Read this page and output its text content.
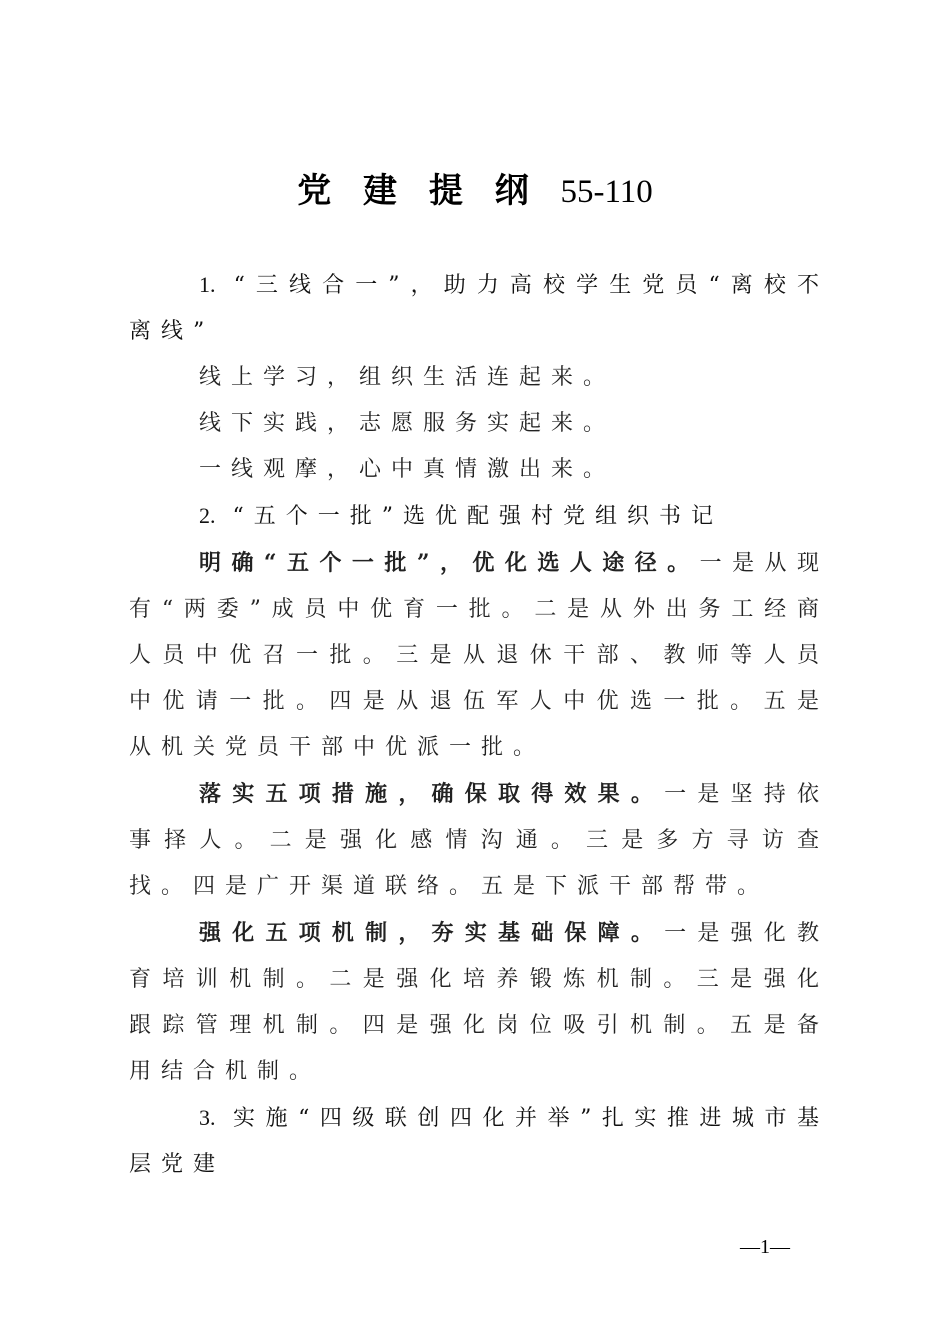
党 建 提 纲 55-110

1. “三线合一”，助力高校学生党员“离校不离线”

线上学习，组织生活连起来。

线下实践，志愿服务实起来。

一线观摩，心中真情激出来。

2. “五个一批”选优配强村党组织书记

明确“五个一批”，优化选人途径。一是从现有“两委”成员中优育一批。二是从外出务工经商人员中优召一批。三是从退休干部、教师等人员中优请一批。四是从退伍军人中优选一批。五是从机关党员干部中优派一批。

落实五项措施，确保取得效果。一是坚持依事择人。二是强化感情沟通。三是多方寻访查找。四是广开渠道联络。五是下派干部帮带。

强化五项机制，夯实基础保障。一是强化教育培训机制。二是强化培养锻炼机制。三是强化跟踪管理机制。四是强化岗位吸引机制。五是备用结合机制。

3. 实施“四级联创四化并举”扎实推进城市基层党建

—1—
